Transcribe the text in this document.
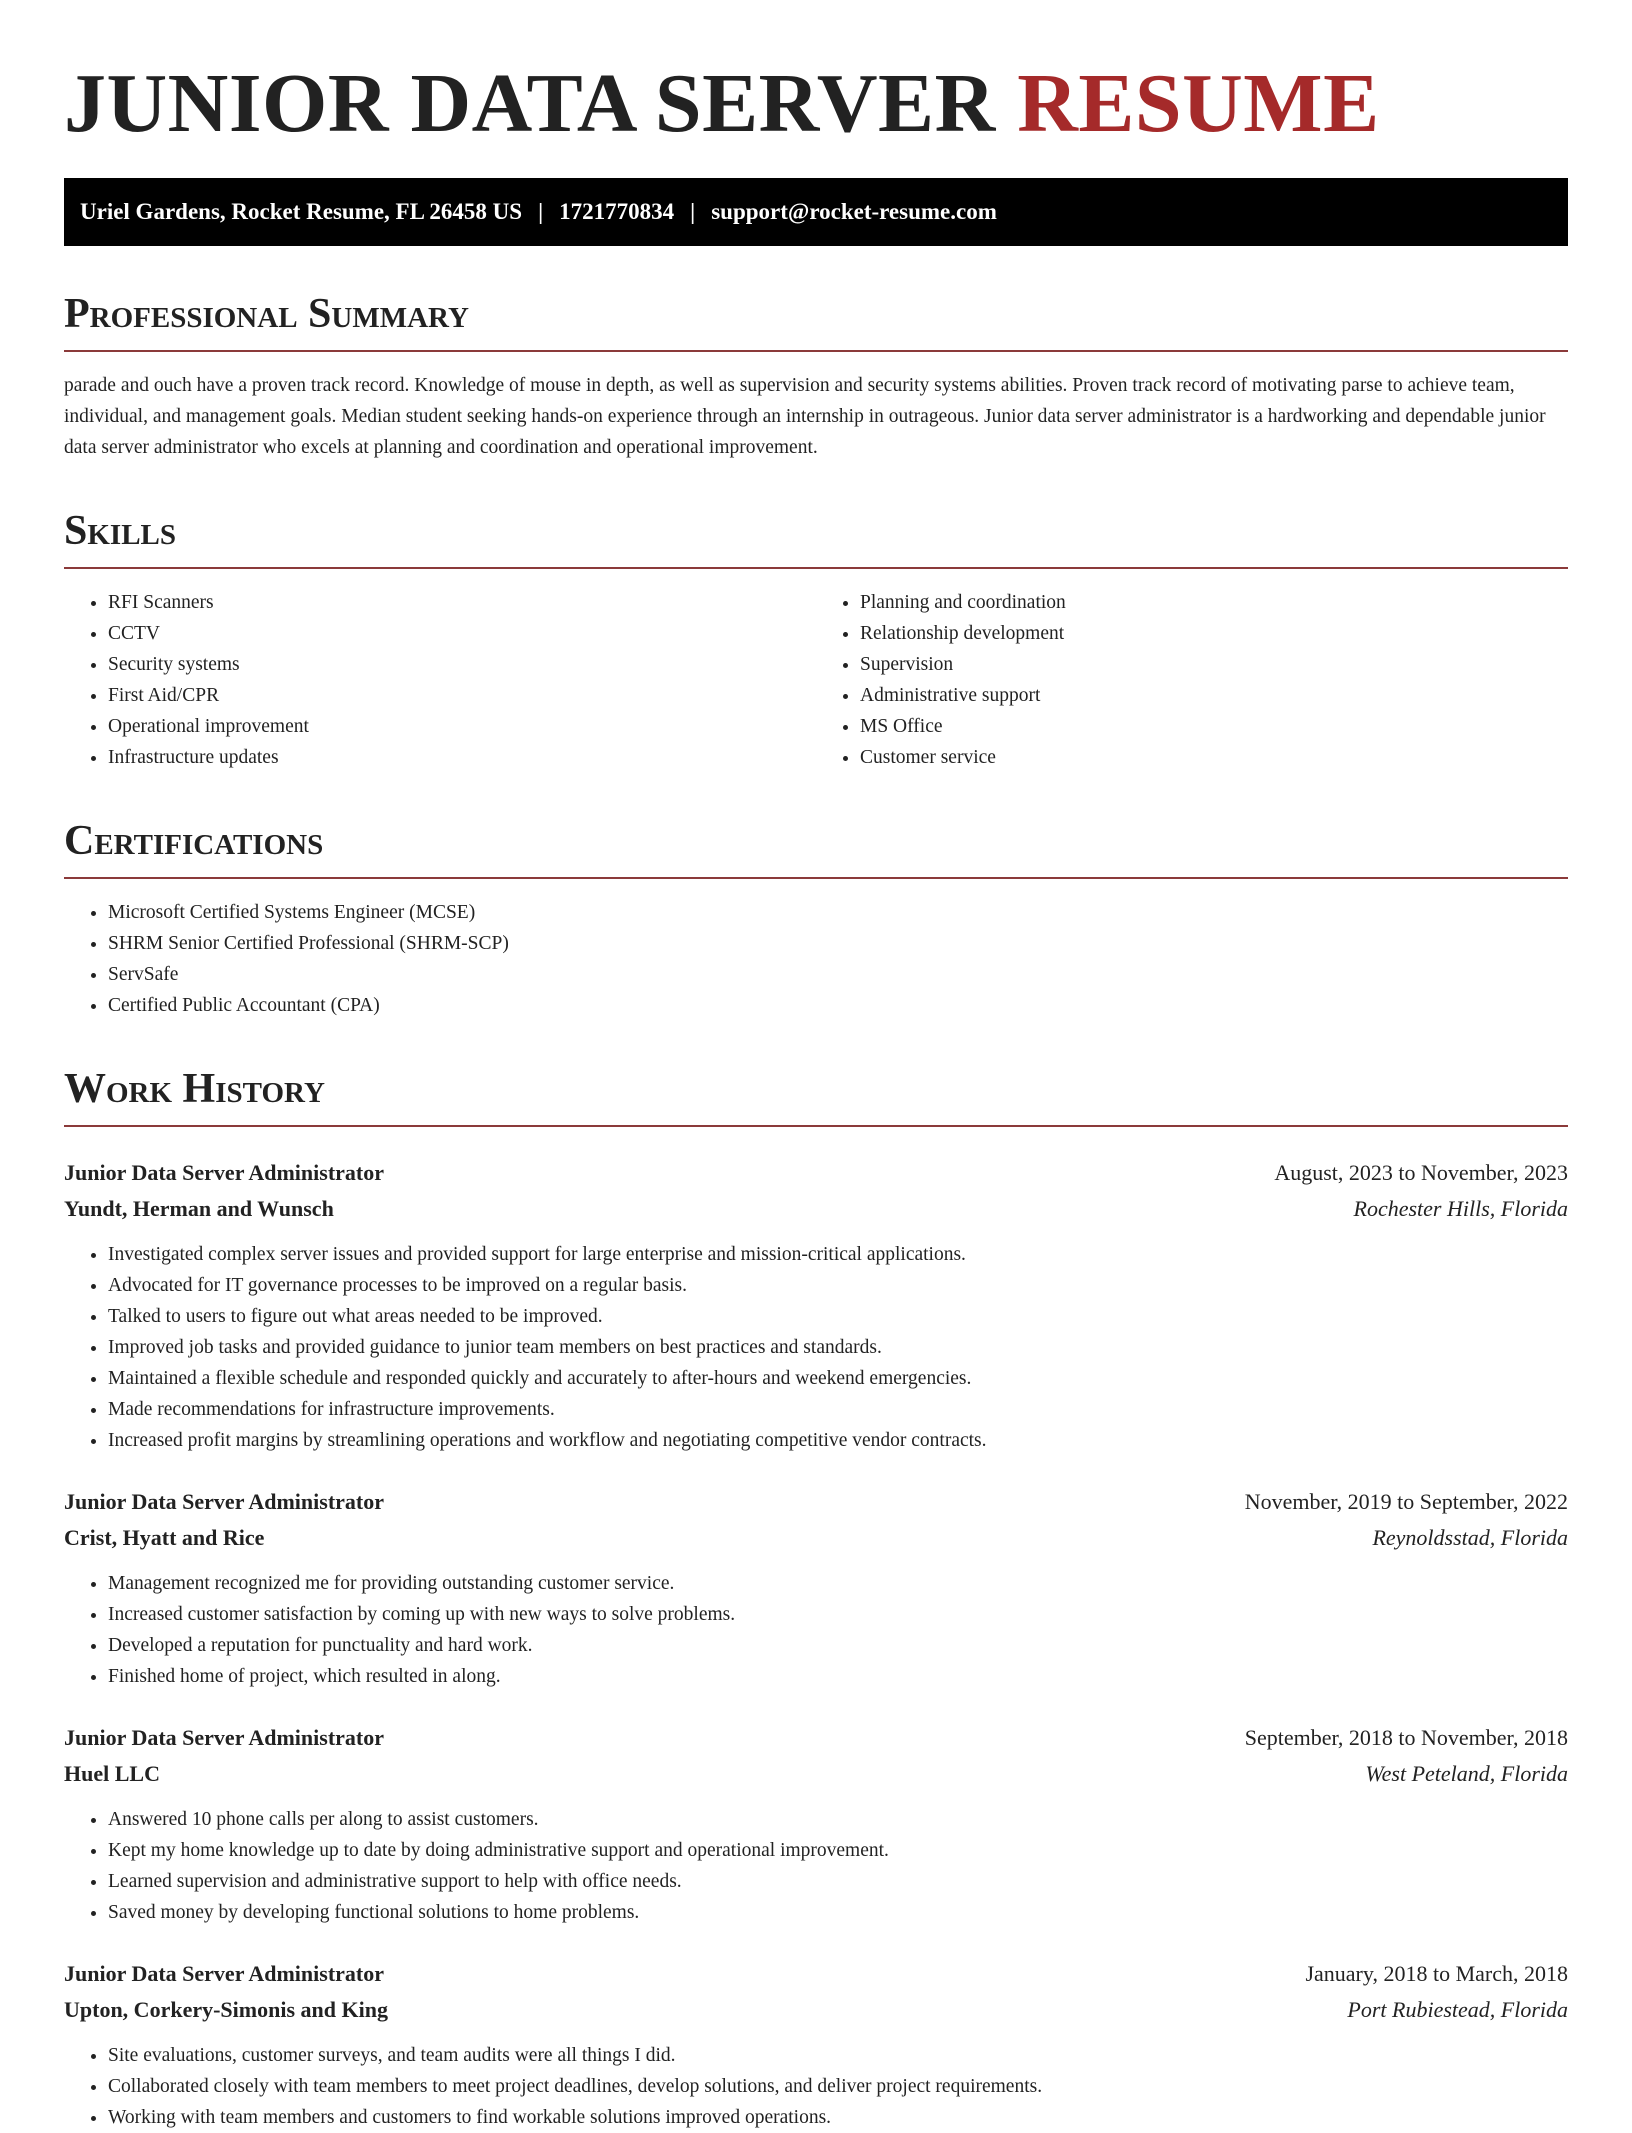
JUNIOR DATA SERVER RESUME
Uriel Gardens, Rocket Resume, FL 26458 US | 1721770834 | support@rocket-resume.com
Professional Summary

parade and ouch have a proven track record. Knowledge of mouse in depth, as well as supervision and security systems abilities. Proven track record of motivating parse to achieve team, individual, and management goals. Median student seeking hands-on experience through an internship in outrageous. Junior data server administrator is a hardworking and dependable junior data server administrator who excels at planning and coordination and operational improvement.

Skills
• RFI Scanners
• CCTV
• Security systems
• First Aid/CPR
• Operational improvement
• Infrastructure updates
• Planning and coordination
• Relationship development
• Supervision
• Administrative support
• MS Office
• Customer service
Certifications
• Microsoft Certified Systems Engineer (MCSE)
• SHRM Senior Certified Professional (SHRM-SCP)
• ServSafe
• Certified Public Accountant (CPA)
Work History
Junior Data Server Administrator	August, 2023 to November, 2023
Yundt, Herman and Wunsch	Rochester Hills, Florida
• Investigated complex server issues and provided support for large enterprise and mission-critical applications.
• Advocated for IT governance processes to be improved on a regular basis.
• Talked to users to figure out what areas needed to be improved.
• Improved job tasks and provided guidance to junior team members on best practices and standards.
• Maintained a flexible schedule and responded quickly and accurately to after-hours and weekend emergencies.
• Made recommendations for infrastructure improvements.
• Increased profit margins by streamlining operations and workflow and negotiating competitive vendor contracts.
Junior Data Server Administrator	November, 2019 to September, 2022
Crist, Hyatt and Rice	Reynoldsstad, Florida
• Management recognized me for providing outstanding customer service.
• Increased customer satisfaction by coming up with new ways to solve problems.
• Developed a reputation for punctuality and hard work.
• Finished home of project, which resulted in along.
Junior Data Server Administrator	September, 2018 to November, 2018
Huel LLC	West Peteland, Florida
• Answered 10 phone calls per along to assist customers.
• Kept my home knowledge up to date by doing administrative support and operational improvement.
• Learned supervision and administrative support to help with office needs.
• Saved money by developing functional solutions to home problems.
Junior Data Server Administrator	January, 2018 to March, 2018
Upton, Corkery-Simonis and King	Port Rubiestead, Florida
• Site evaluations, customer surveys, and team audits were all things I did.
• Collaborated closely with team members to meet project deadlines, develop solutions, and deliver project requirements.
• Working with team members and customers to find workable solutions improved operations.
